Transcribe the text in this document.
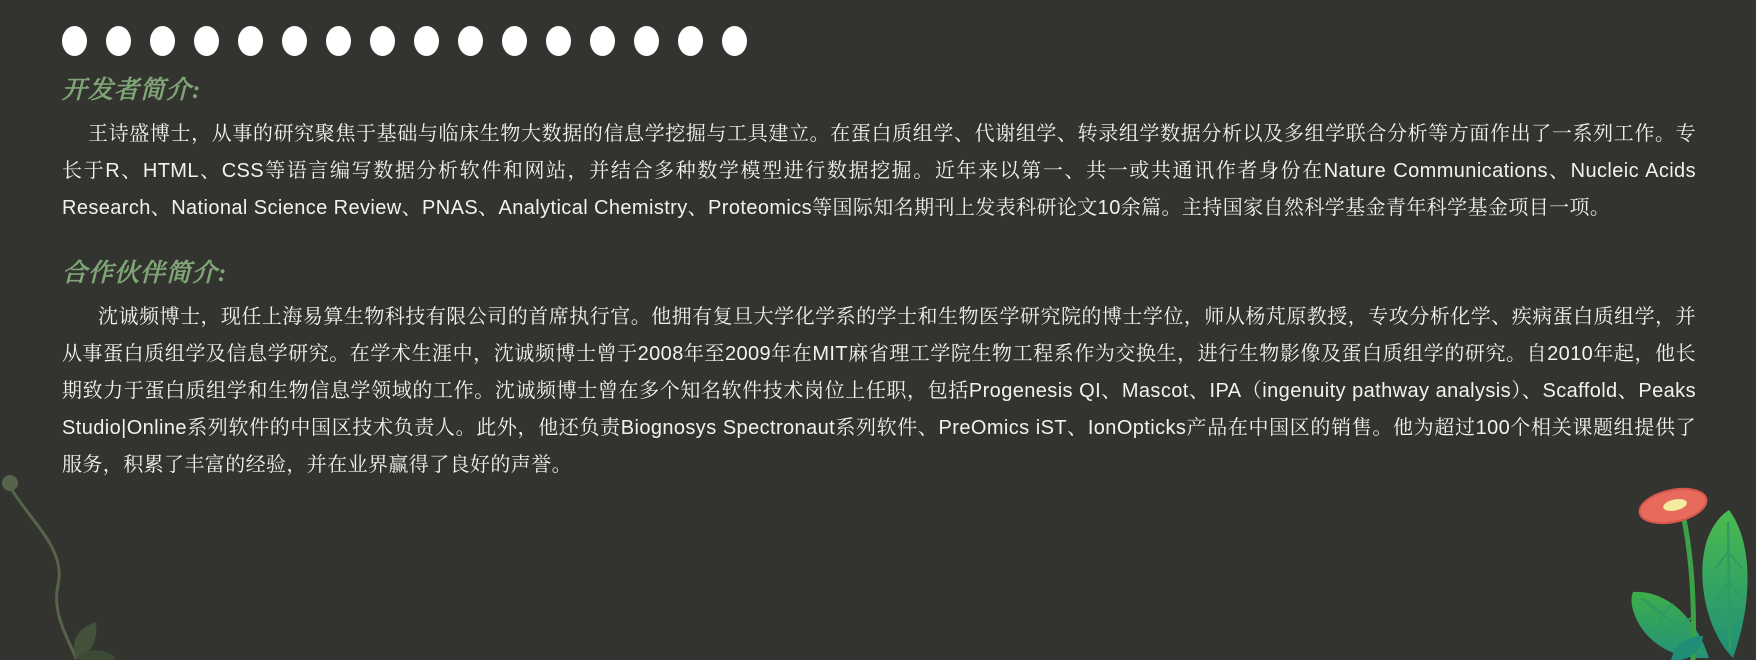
开发者简介:

王诗盛博士，从事的研究聚焦于基础与临床生物大数据的信息学挖掘与工具建立。在蛋白质组学、代谢组学、转录组学数据分析以及多组学联合分析等方面作出了一系列工作。专长于R、HTML、CSS等语言编写数据分析软件和网站，并结合多种数学模型进行数据挖掘。近年来以第一、共一或共通讯作者身份在Nature Communications、Nucleic Acids Research、National Science Review、PNAS、Analytical Chemistry、Proteomics等国际知名期刊上发表科研论文10余篇。主持国家自然科学基金青年科学基金项目一项。

合作伙伴简介:

沈诚频博士，现任上海易算生物科技有限公司的首席执行官。他拥有复旦大学化学系的学士和生物医学研究院的博士学位，师从杨芃原教授，专攻分析化学、疾病蛋白质组学，并从事蛋白质组学及信息学研究。在学术生涯中，沈诚频博士曾于2008年至2009年在MIT麻省理工学院生物工程系作为交换生，进行生物影像及蛋白质组学的研究。自2010年起，他长期致力于蛋白质组学和生物信息学领域的工作。沈诚频博士曾在多个知名软件技术岗位上任职，包括Progenesis QI、Mascot、IPA（ingenuity pathway analysis）、Scaffold、Peaks Studio|Online系列软件的中国区技术负责人。此外，他还负责Biognosys Spectronaut系列软件、PreOmics iST、IonOpticks产品在中国区的销售。他为超过100个相关课题组提供了服务，积累了丰富的经验，并在业界赢得了良好的声誉。
